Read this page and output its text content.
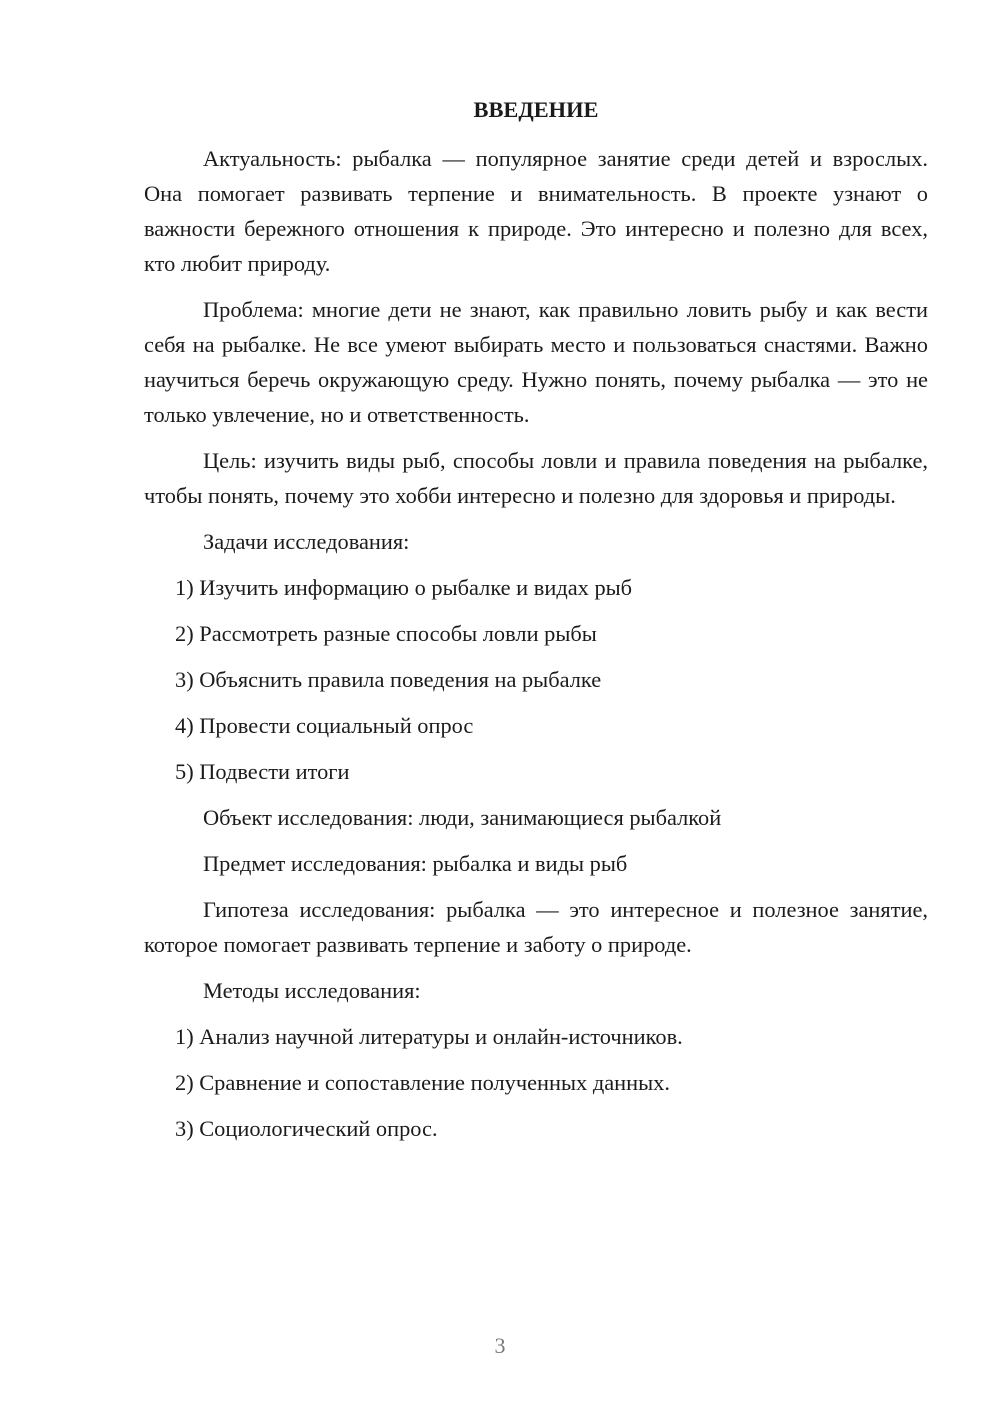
ВВЕДЕНИЕ

Актуальность: рыбалка — популярное занятие среди детей и взрослых. Она помогает развивать терпение и внимательность. В проекте узнают о важности бережного отношения к природе. Это интересно и полезно для всех, кто любит природу.

Проблема: многие дети не знают, как правильно ловить рыбу и как вести себя на рыбалке. Не все умеют выбирать место и пользоваться снастями. Важно научиться беречь окружающую среду. Нужно понять, почему рыбалка — это не только увлечение, но и ответственность.

Цель: изучить виды рыб, способы ловли и правила поведения на рыбалке, чтобы понять, почему это хобби интересно и полезно для здоровья и природы.

Задачи исследования:
1) Изучить информацию о рыбалке и видах рыб
2) Рассмотреть разные способы ловли рыбы
3) Объяснить правила поведения на рыбалке
4) Провести социальный опрос
5) Подвести итоги
Объект исследования: люди, занимающиеся рыбалкой
Предмет исследования: рыбалка и виды рыб

Гипотеза исследования: рыбалка — это интересное и полезное занятие, которое помогает развивать терпение и заботу о природе.

Методы исследования:
1) Анализ научной литературы и онлайн-источников.
2) Сравнение и сопоставление полученных данных.
3) Социологический опрос.
3
